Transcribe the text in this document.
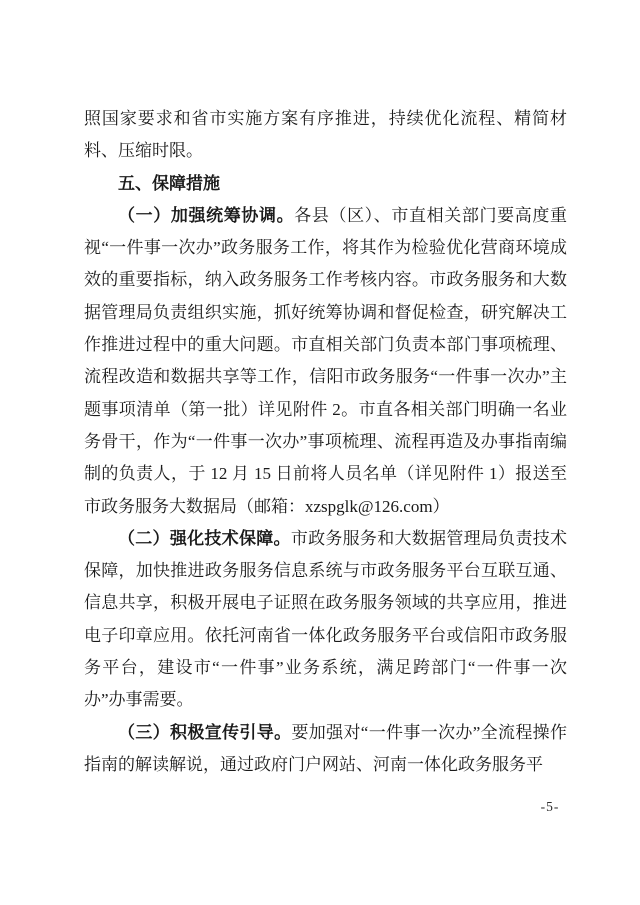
照国家要求和省市实施方案有序推进，持续优化流程、精简材料、压缩时限。

五、保障措施

（一）加强统筹协调。各县（区）、市直相关部门要高度重视“一件事一次办”政务服务工作，将其作为检验优化营商环境成效的重要指标，纳入政务服务工作考核内容。市政务服务和大数据管理局负责组织实施，抓好统筹协调和督促检查，研究解决工作推进过程中的重大问题。市直相关部门负责本部门事项梳理、流程改造和数据共享等工作，信阳市政务服务“一件事一次办”主题事项清单（第一批）详见附件 2。市直各相关部门明确一名业务骨干，作为“一件事一次办”事项梳理、流程再造及办事指南编制的负责人，于 12 月 15 日前将人员名单（详见附件 1）报送至市政务服务大数据局（邮箱：xzspglk@126.com）

（二）强化技术保障。市政务服务和大数据管理局负责技术保障，加快推进政务服务信息系统与市政务服务平台互联互通、信息共享，积极开展电子证照在政务服务领域的共享应用，推进电子印章应用。依托河南省一体化政务服务平台或信阳市政务服务平台，建设市“一件事”业务系统，满足跨部门“一件事一次办”办事需要。

（三）积极宣传引导。要加强对“一件事一次办”全流程操作指南的解读解说，通过政府门户网站、河南一体化政务服务平

-5-
